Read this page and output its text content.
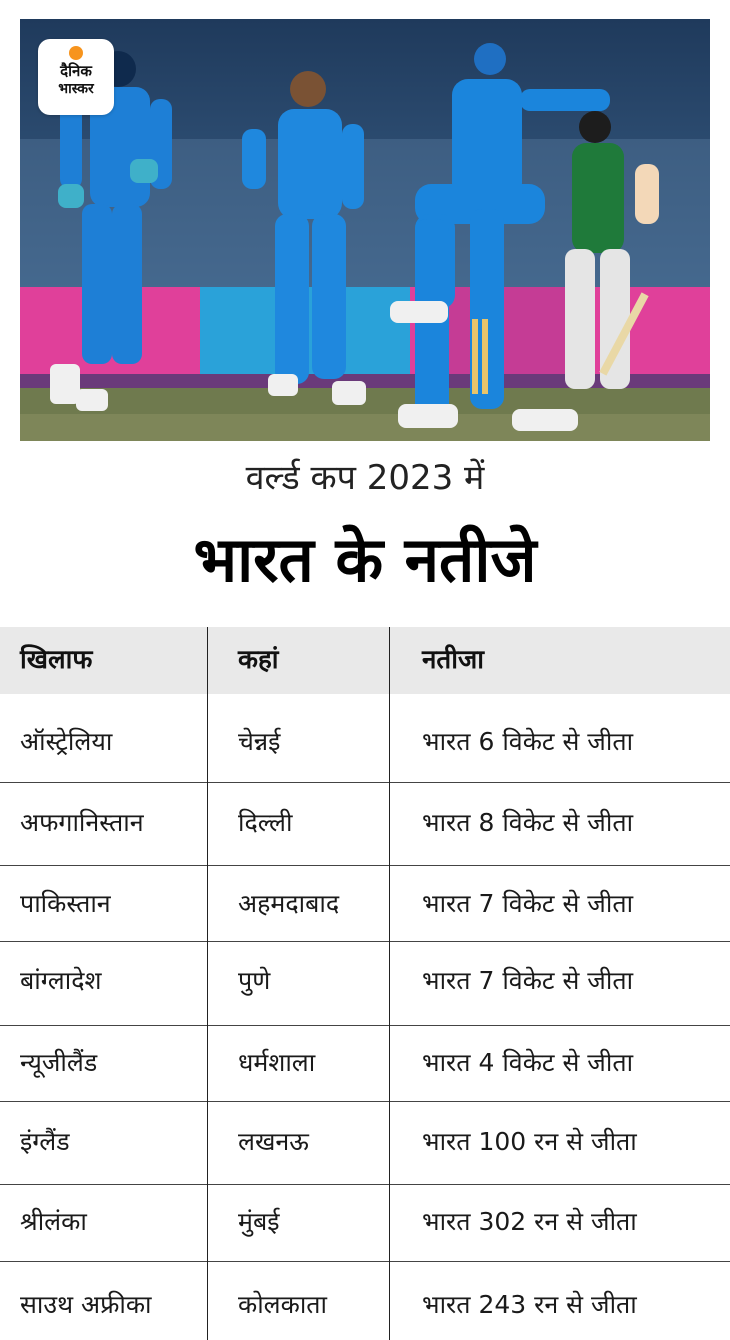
दैनिक
भास्कर
वर्ल्ड कप 2023 में
भारत के नतीजे
खिलाफ	कहां	नतीजा
ऑस्ट्रेलिया	चेन्नई	भारत 6 विकेट से जीता
अफगानिस्तान	दिल्ली	भारत 8 विकेट से जीता
पाकिस्तान	अहमदाबाद	भारत 7 विकेट से जीता
बांग्लादेश	पुणे	भारत 7 विकेट से जीता
न्यूजीलैंड	धर्मशाला	भारत 4 विकेट से जीता
इंग्लैंड	लखनऊ	भारत 100 रन से जीता
श्रीलंका	मुंबई	भारत 302 रन से जीता
साउथ अफ्रीका	कोलकाता	भारत 243 रन से जीता
